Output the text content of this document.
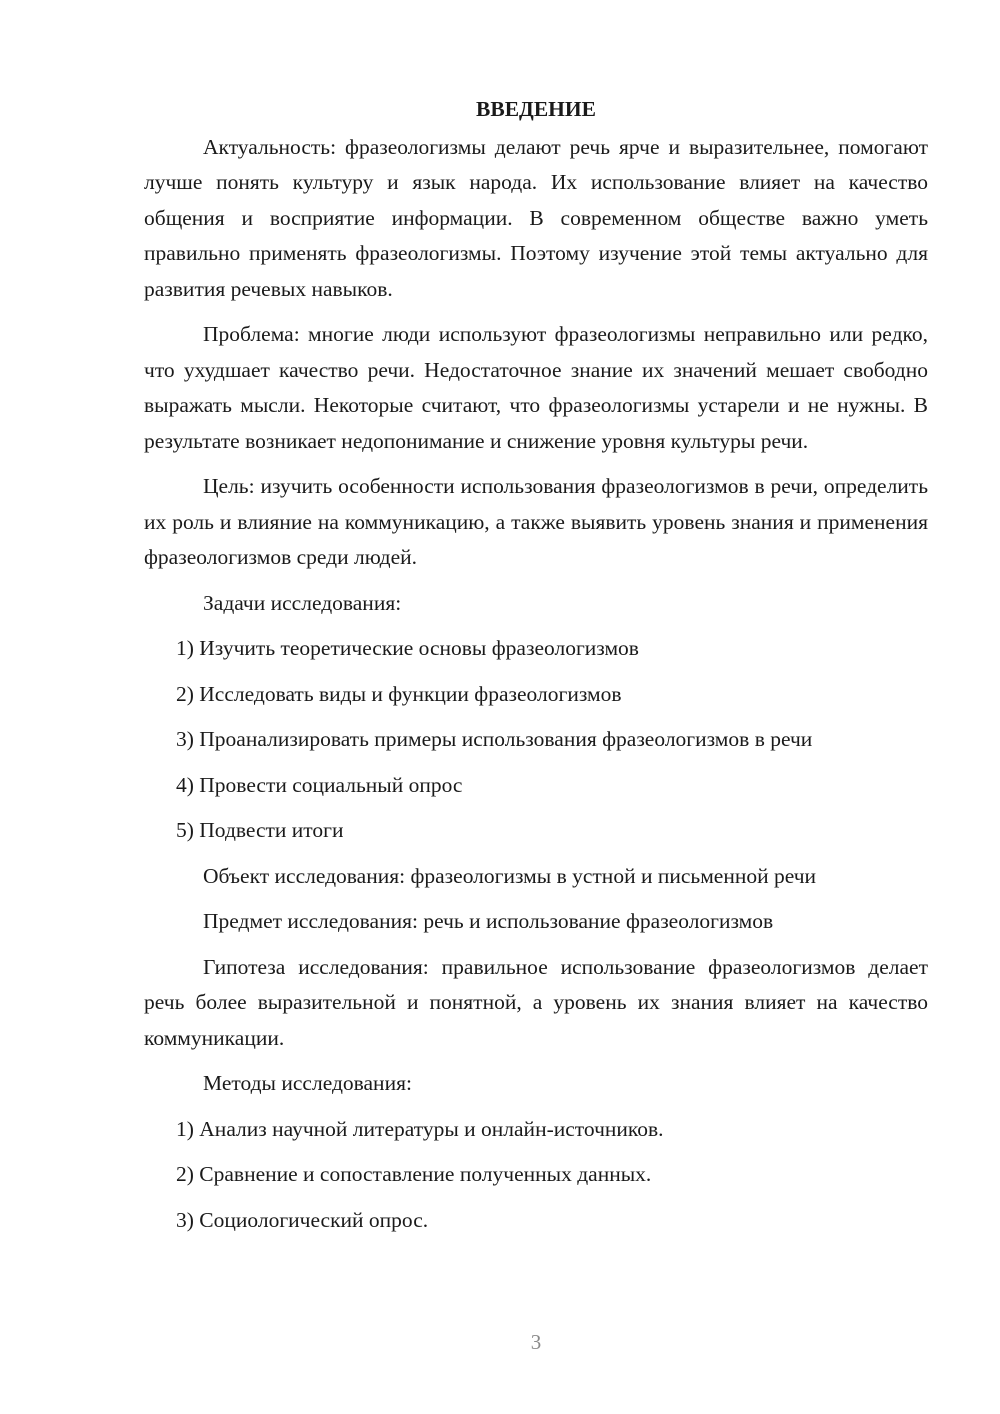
ВВЕДЕНИЕ

Актуальность: фразеологизмы делают речь ярче и выразительнее, помогают лучше понять культуру и язык народа. Их использование влияет на качество общения и восприятие информации. В современном обществе важно уметь правильно применять фразеологизмы. Поэтому изучение этой темы актуально для развития речевых навыков.

Проблема: многие люди используют фразеологизмы неправильно или редко, что ухудшает качество речи. Недостаточное знание их значений мешает свободно выражать мысли. Некоторые считают, что фразеологизмы устарели и не нужны. В результате возникает недопонимание и снижение уровня культуры речи.

Цель: изучить особенности использования фразеологизмов в речи, определить их роль и влияние на коммуникацию, а также выявить уровень знания и применения фразеологизмов среди людей.

Задачи исследования:

1) Изучить теоретические основы фразеологизмов

2) Исследовать виды и функции фразеологизмов

3) Проанализировать примеры использования фразеологизмов в речи

4) Провести социальный опрос

5) Подвести итоги

Объект исследования: фразеологизмы в устной и письменной речи

Предмет исследования: речь и использование фразеологизмов

Гипотеза исследования: правильное использование фразеологизмов делает речь более выразительной и понятной, а уровень их знания влияет на качество коммуникации.

Методы исследования:

1) Анализ научной литературы и онлайн-источников.

2) Сравнение и сопоставление полученных данных.

3) Социологический опрос.

3
